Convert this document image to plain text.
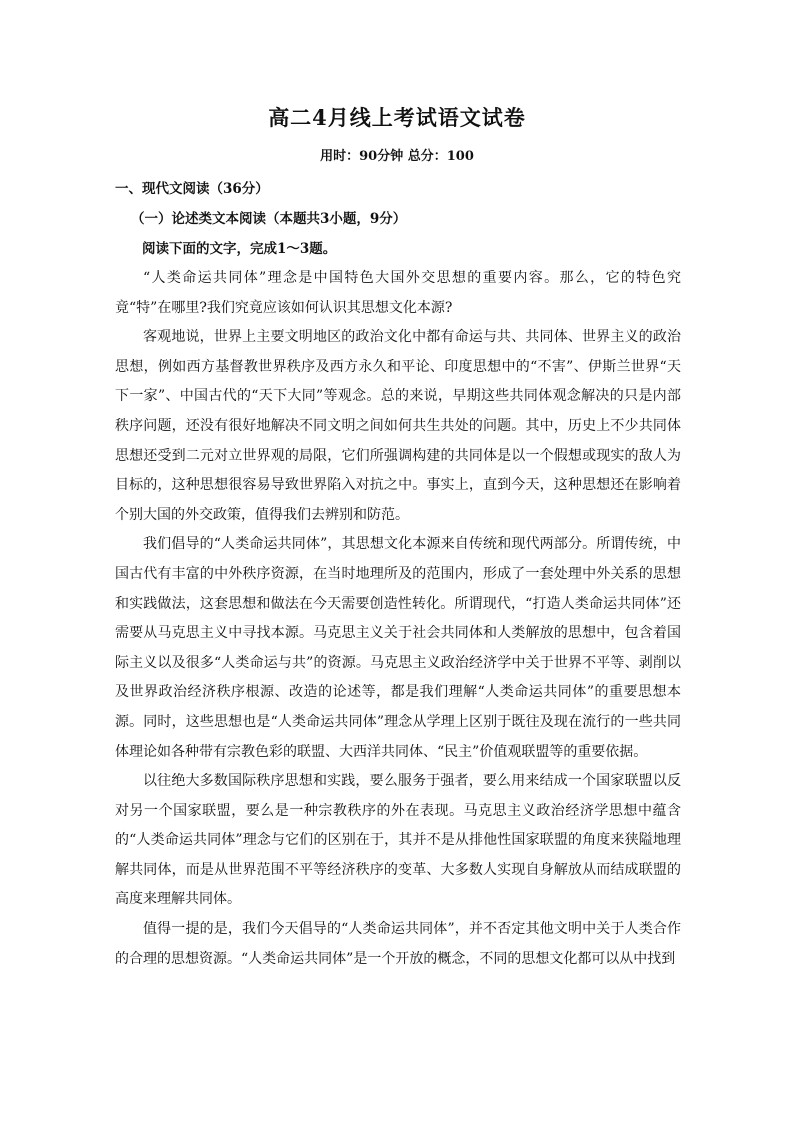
高二4月线上考试语文试卷
用时：90分钟 总分：100
一、现代文阅读（36分）
（一）论述类文本阅读（本题共3小题，9分）
阅读下面的文字，完成1～3题。

“人类命运共同体”理念是中国特色大国外交思想的重要内容。那么，它的特色究竟“特”在哪里?我们究竟应该如何认识其思想文化本源?

客观地说，世界上主要文明地区的政治文化中都有命运与共、共同体、世界主义的政治思想，例如西方基督教世界秩序及西方永久和平论、印度思想中的“不害”、伊斯兰世界“天下一家”、中国古代的“天下大同”等观念。总的来说，早期这些共同体观念解决的只是内部秩序问题，还没有很好地解决不同文明之间如何共生共处的问题。其中，历史上不少共同体思想还受到二元对立世界观的局限，它们所强调构建的共同体是以一个假想或现实的敌人为目标的，这种思想很容易导致世界陷入对抗之中。事实上，直到今天，这种思想还在影响着个别大国的外交政策，值得我们去辨别和防范。

我们倡导的“人类命运共同体”，其思想文化本源来自传统和现代两部分。所谓传统，中国古代有丰富的中外秩序资源，在当时地理所及的范围内，形成了一套处理中外关系的思想和实践做法，这套思想和做法在今天需要创造性转化。所谓现代，“打造人类命运共同体”还需要从马克思主义中寻找本源。马克思主义关于社会共同体和人类解放的思想中，包含着国际主义以及很多“人类命运与共”的资源。马克思主义政治经济学中关于世界不平等、剥削以及世界政治经济秩序根源、改造的论述等，都是我们理解“人类命运共同体”的重要思想本源。同时，这些思想也是“人类命运共同体”理念从学理上区别于既往及现在流行的一些共同体理论如各种带有宗教色彩的联盟、大西洋共同体、“民主”价值观联盟等的重要依据。

以往绝大多数国际秩序思想和实践，要么服务于强者，要么用来结成一个国家联盟以反对另一个国家联盟，要么是一种宗教秩序的外在表现。马克思主义政治经济学思想中蕴含的“人类命运共同体”理念与它们的区别在于，其并不是从排他性国家联盟的角度来狭隘地理解共同体，而是从世界范围不平等经济秩序的变革、大多数人实现自身解放从而结成联盟的高度来理解共同体。

值得一提的是，我们今天倡导的“人类命运共同体”，并不否定其他文明中关于人类合作的合理的思想资源。“人类命运共同体”是一个开放的概念，不同的思想文化都可以从中找到
